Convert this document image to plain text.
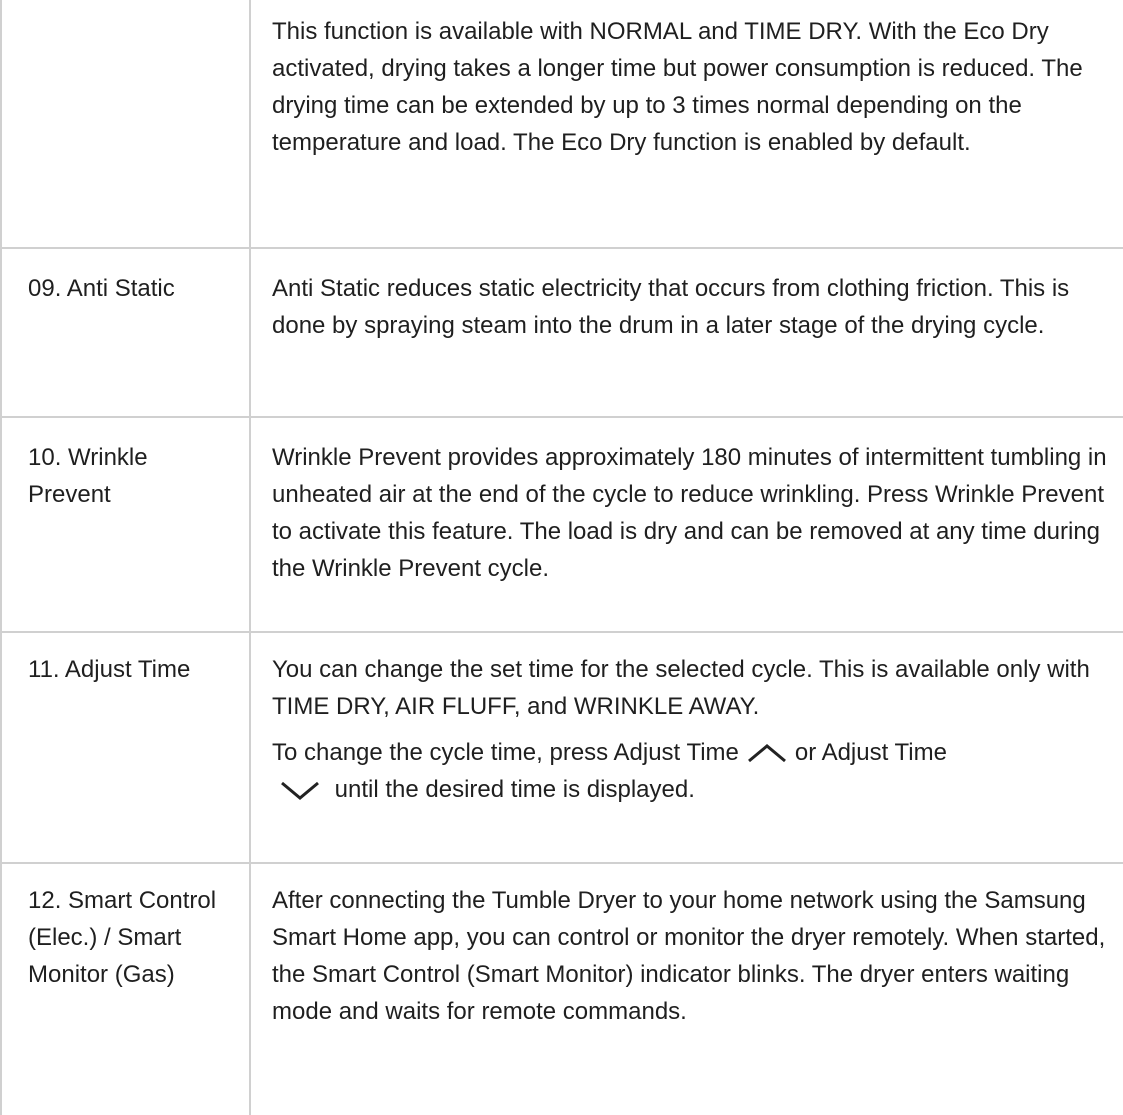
This function is available with NORMAL and TIME DRY. With the Eco Dry activated, drying takes a longer time but power consumption is reduced. The drying time can be extended by up to 3 times normal depending on the temperature and load. The Eco Dry function is enabled by default.

09. Anti Static	Anti Static reduces static electricity that occurs from clothing friction. This is done by spraying steam into the drum in a later stage of the drying cycle.

10. Wrinkle Prevent

Wrinkle Prevent provides approximately 180 minutes of intermittent tumbling in unheated air at the end of the cycle to reduce wrinkling. Press Wrinkle Prevent to activate this feature. The load is dry and can be removed at any time during the Wrinkle Prevent cycle.

11. Adjust Time	You can change the set time for the selected cycle. This is available only with TIME DRY, AIR FLUFF, and WRINKLE AWAY.

To change the cycle time, press Adjust Time or Adjust Time

until the desired time is displayed.

12. Smart Control (Elec.) / Smart Monitor (Gas)

After connecting the Tumble Dryer to your home network using the Samsung Smart Home app, you can control or monitor the dryer remotely. When started, the Smart Control (Smart Monitor) indicator blinks. The dryer enters waiting mode and waits for remote commands.
